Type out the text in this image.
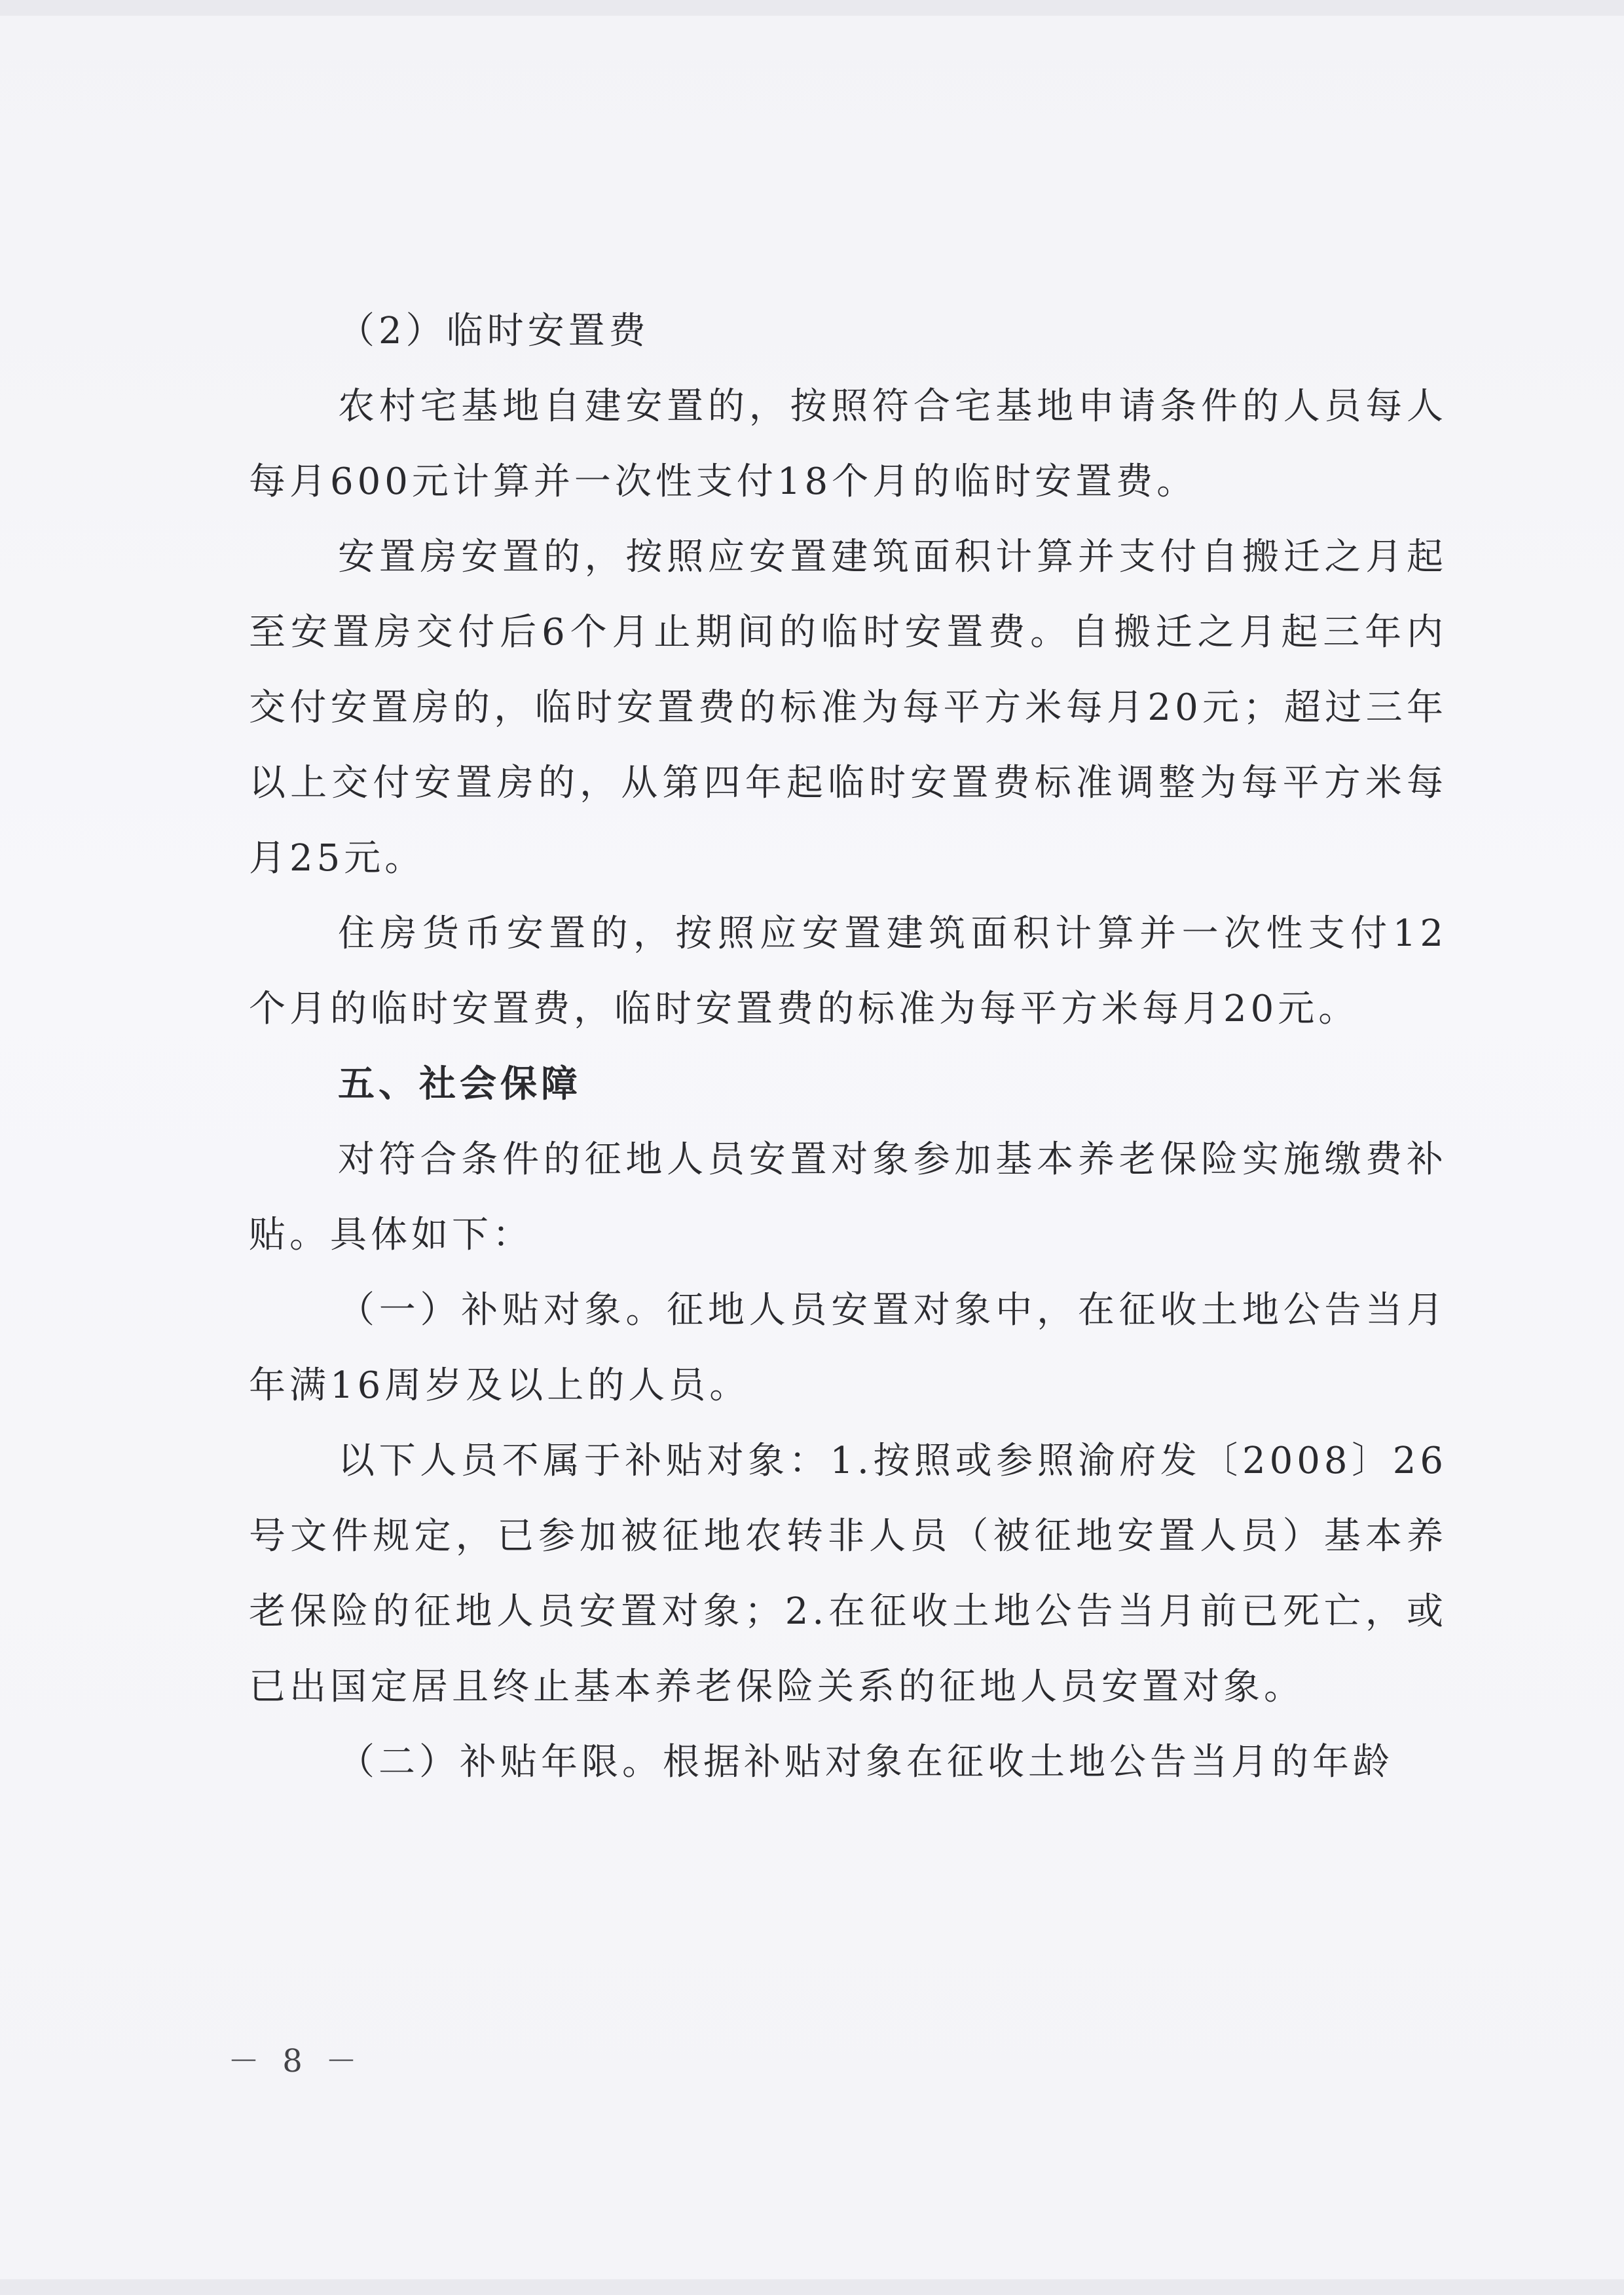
（2）临时安置费

农村宅基地自建安置的，按照符合宅基地申请条件的人员每人每月600元计算并一次性支付18个月的临时安置费。

安置房安置的，按照应安置建筑面积计算并支付自搬迁之月起至安置房交付后6个月止期间的临时安置费。自搬迁之月起三年内交付安置房的，临时安置费的标准为每平方米每月20元；超过三年以上交付安置房的，从第四年起临时安置费标准调整为每平方米每月25元。

住房货币安置的，按照应安置建筑面积计算并一次性支付12个月的临时安置费，临时安置费的标准为每平方米每月20元。

五、社会保障

对符合条件的征地人员安置对象参加基本养老保险实施缴费补贴。具体如下：

（一）补贴对象。征地人员安置对象中，在征收土地公告当月年满16周岁及以上的人员。

以下人员不属于补贴对象：1.按照或参照渝府发〔2008〕26号文件规定，已参加被征地农转非人员（被征地安置人员）基本养老保险的征地人员安置对象；2.在征收土地公告当月前已死亡，或已出国定居且终止基本养老保险关系的征地人员安置对象。

（二）补贴年限。根据补贴对象在征收土地公告当月的年龄

－ 8 －
